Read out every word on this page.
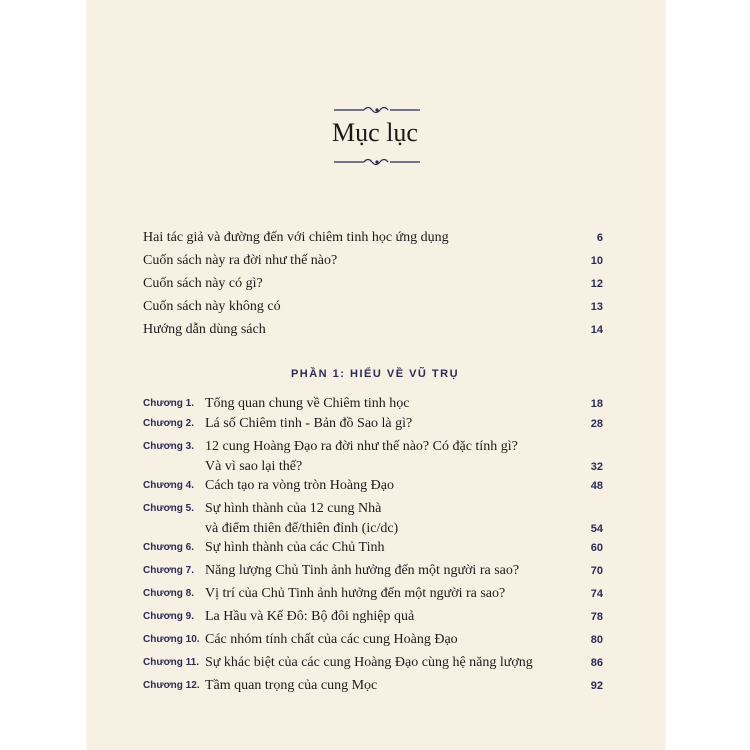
Mục lục
Hai tác giả và đường đến với chiêm tinh học ứng dụng	6
Cuốn sách này ra đời như thế nào?	10
Cuốn sách này có gì?	12
Cuốn sách này không có	13
Hướng dẫn dùng sách	14
PHẦN 1: HIỂU VỀ VŨ TRỤ
Chương 1. Tổng quan chung về Chiêm tinh học	18
Chương 2. Lá số Chiêm tinh - Bản đồ Sao là gì?	28
Chương 3. 12 cung Hoàng Đạo ra đời như thế nào? Có đặc tính gì?
Và vì sao lại thế?	32
Chương 4. Cách tạo ra vòng tròn Hoàng Đạo	48
Chương 5. Sự hình thành của 12 cung Nhà
và điểm thiên đế/thiên đỉnh (ic/dc)	54
Chương 6. Sự hình thành của các Chủ Tinh	60
Chương 7. Năng lượng Chủ Tinh ảnh hưởng đến một người ra sao?	70
Chương 8. Vị trí của Chủ Tinh ảnh hưởng đến một người ra sao?	74
Chương 9. La Hầu và Kế Đô: Bộ đôi nghiệp quả	78
Chương 10. Các nhóm tính chất của các cung Hoàng Đạo	80
Chương 11. Sự khác biệt của các cung Hoàng Đạo cùng hệ năng lượng	86
Chương 12. Tầm quan trọng của cung Mọc	92
